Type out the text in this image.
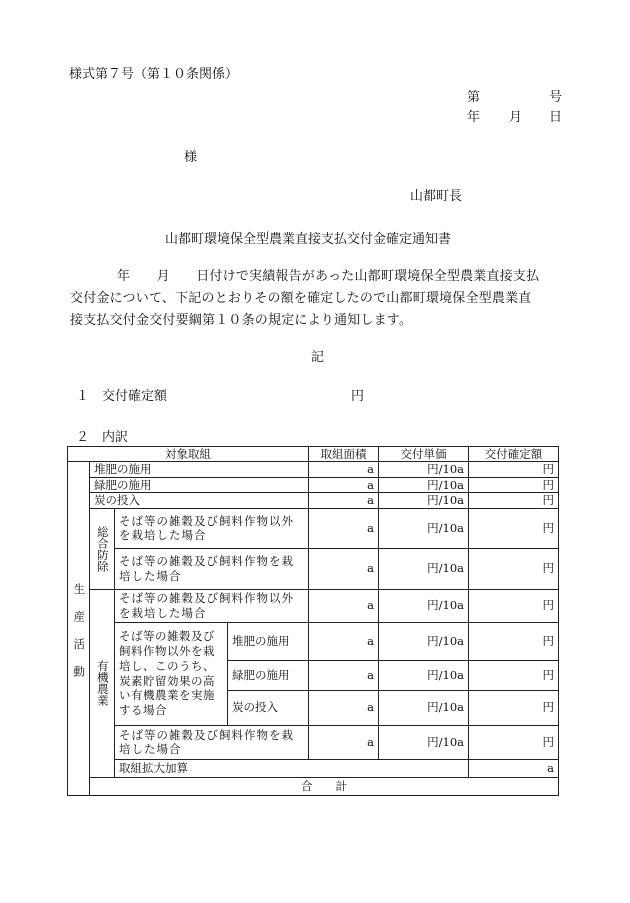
様式第７号（第１０条関係）
第	号
年 月 日
様
山都町長
山都町環境保全型農業直接支払交付金確定通知書
年　　月　　日付けで実績報告があった山都町環境保全型農業直接支払
交付金について、下記のとおりその額を確定したので山都町環境保全型農業直
接支払交付金交付要綱第１０条の規定により通知します。
記
１　交付確定額	円
２　内訳
対象取組				取組面積	交付単価	交付確定額	

生産活動	堆肥の施用			a	円/10a	円	
	緑肥の施用			a	円/10a	円	
	炭の投入			a	円/10a	円	

	総合防除	そば等の雑穀及び飼料作物以外を栽培した場合		a	円/10a	円	
		そば等の雑穀及び飼料作物を栽培した場合		a	円/10a	円	

	有機農業	そば等の雑穀及び飼料作物以外を栽培した場合		a	円/10a	円	
		そば等の雑穀及び飼料作物以外を栽培し、このうち、炭素貯留効果の高い有機農業を実施する場合	堆肥の施用	a	円/10a	円	
			緑肥の施用	a	円/10a	円	
			炭の投入	a	円/10a	円	
		そば等の雑穀及び飼料作物を栽培した場合		a	円/10a	円	
		取組拡大加算				a		
	合　　計	
